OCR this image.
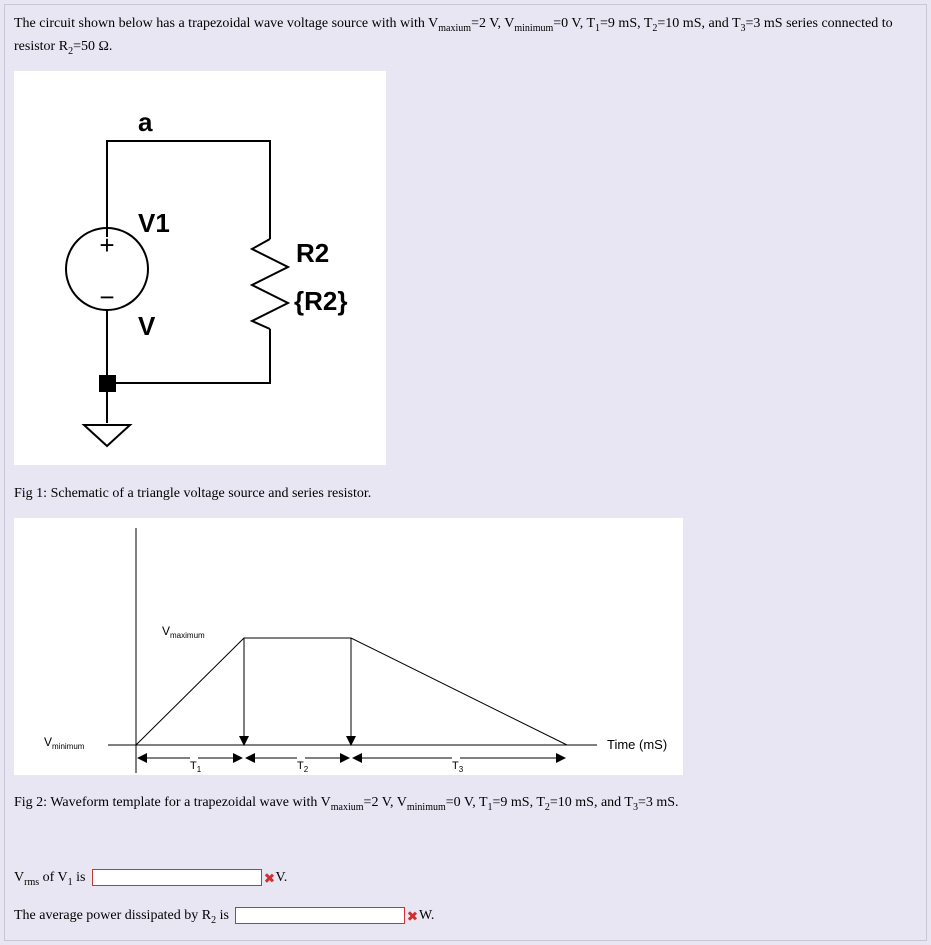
The circuit shown below has a trapezoidal wave voltage source with with $V_{maxium}=2$ V, $V_{minimum}=0$ V, $T_1=9$ mS, $T_2=10$ mS, and $T_3=3$ mS series connected to resistor $R_2=50$ Ω.
+
−
a
V1
V
R2
{R2}
Fig 1: Schematic of a triangle voltage source and series resistor.
$V_{maximum}$
$V_{minimum}$	Time (mS)
$T_1$	$T_2$	$T_3$
Fig 2: Waveform template for a trapezoidal wave with $V_{maxium}=2$ V, $V_{minimum}=0$ V, $T_1=9$ mS, $T_2=10$ mS, and $T_3=3$ mS.
$V_{rms}$ of $V_1$ is	V.
The average power dissipated by $R_2$ is	W.
